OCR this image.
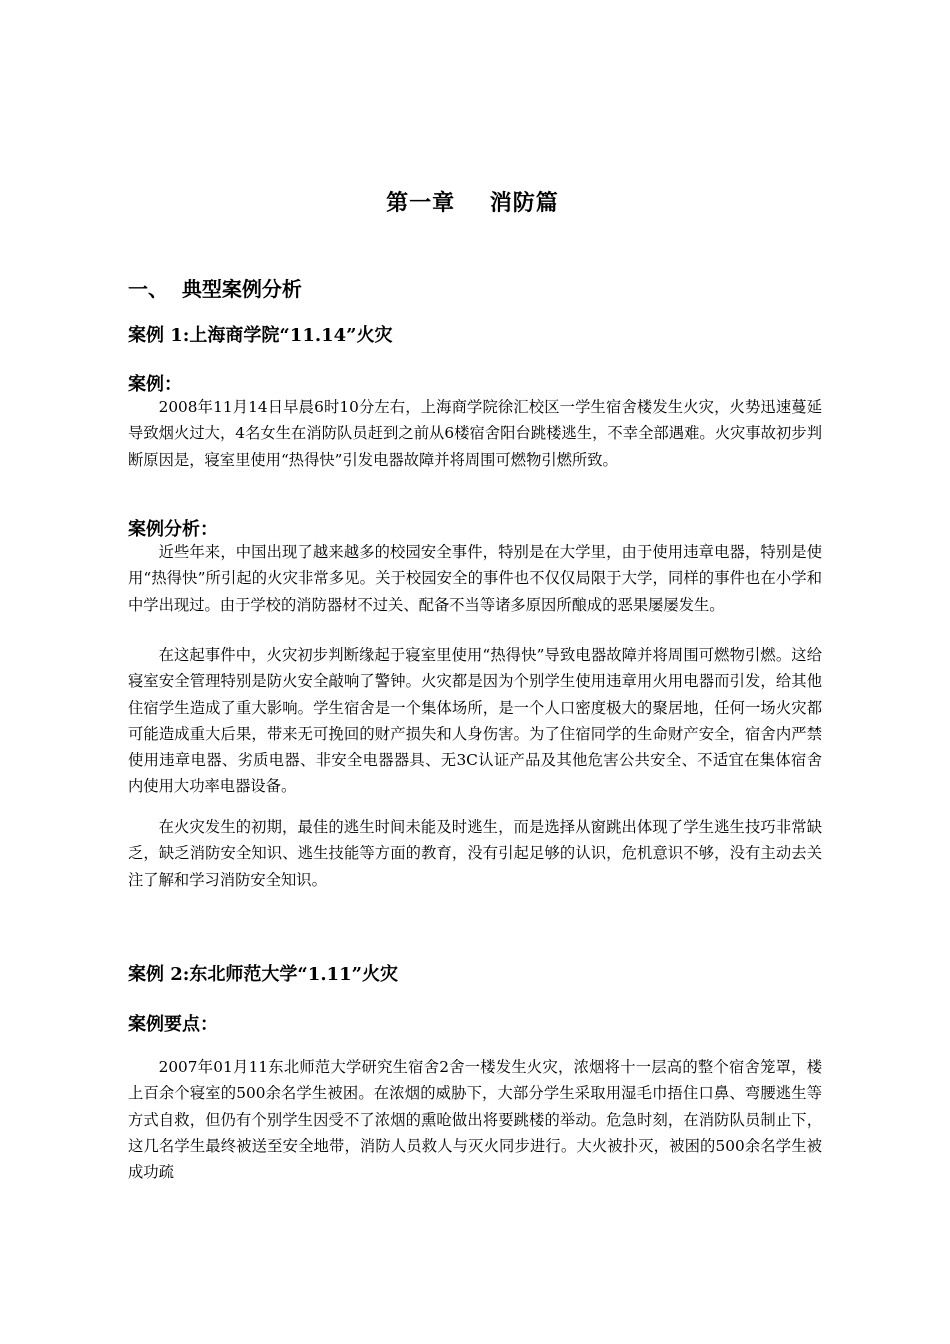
第一章    消防篇
一、  典型案例分析
案例 1:上海商学院“11.14”火灾
案例：

2008年11月14日早晨6时10分左右，上海商学院徐汇校区一学生宿舍楼发生火灾，火势迅速蔓延导致烟火过大，4名女生在消防队员赶到之前从6楼宿舍阳台跳楼逃生，不幸全部遇难。火灾事故初步判断原因是，寝室里使用“热得快”引发电器故障并将周围可燃物引燃所致。

案例分析：

近些年来，中国出现了越来越多的校园安全事件，特别是在大学里，由于使用违章电器，特别是使用“热得快”所引起的火灾非常多见。关于校园安全的事件也不仅仅局限于大学，同样的事件也在小学和中学出现过。由于学校的消防器材不过关、配备不当等诸多原因所酿成的恶果屡屡发生。

在这起事件中，火灾初步判断缘起于寝室里使用“热得快”导致电器故障并将周围可燃物引燃。这给寝室安全管理特别是防火安全敲响了警钟。火灾都是因为个别学生使用违章用火用电器而引发，给其他住宿学生造成了重大影响。学生宿舍是一个集体场所，是一个人口密度极大的聚居地，任何一场火灾都可能造成重大后果，带来无可挽回的财产损失和人身伤害。为了住宿同学的生命财产安全，宿舍内严禁使用违章电器、劣质电器、非安全电器器具、无3C认证产品及其他危害公共安全、不适宜在集体宿舍内使用大功率电器设备。

在火灾发生的初期，最佳的逃生时间未能及时逃生，而是选择从窗跳出体现了学生逃生技巧非常缺乏，缺乏消防安全知识、逃生技能等方面的教育，没有引起足够的认识，危机意识不够，没有主动去关注了解和学习消防安全知识。

案例 2:东北师范大学“1.11”火灾
案例要点：

2007年01月11东北师范大学研究生宿舍2舍一楼发生火灾，浓烟将十一层高的整个宿舍笼罩，楼上百余个寝室的500余名学生被困。在浓烟的威胁下，大部分学生采取用湿毛巾捂住口鼻、弯腰逃生等方式自救，但仍有个别学生因受不了浓烟的熏呛做出将要跳楼的举动。危急时刻，在消防队员制止下，这几名学生最终被送至安全地带，消防人员救人与灭火同步进行。大火被扑灭，被困的500余名学生被成功疏
